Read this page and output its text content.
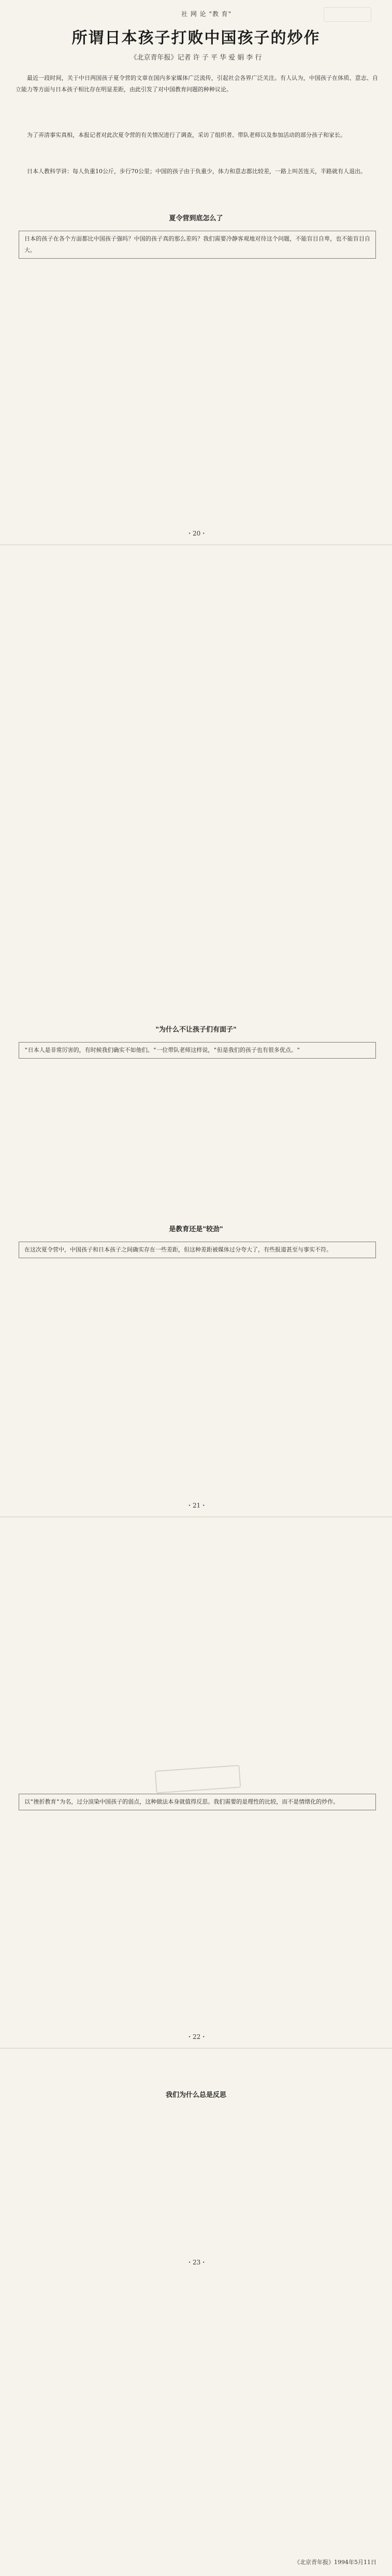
社 网 论 "教 育"
所谓日本孩子打败中国孩子的炒作
《北京青年报》记者 许 子 平 华 爱 娟 李 行
最近一段时间，关于中日两国孩子夏令营的文章在国内多家媒体广泛流传，引起社会各界广泛关注。有人认为，中国孩子在体质、意志、自立能力等方面与日本孩子相比存在明显差距，由此引发了对中国教育问题的种种议论。
为了弄清事实真相，本报记者对此次夏令营的有关情况进行了调查，采访了组织者、带队老师以及参加活动的部分孩子和家长。
日本人教科学讲：每人负重10公斤，步行70公里；中国的孩子由于负重少，体力和意志都比较差，一路上叫苦连天，半路就有人退出。
夏令营到底怎么了
日本的孩子在各个方面都比中国孩子强吗？中国的孩子真的那么差吗？我们需要冷静客观地对待这个问题，不能盲目自卑，也不能盲目自大。
・20・
"为什么不让孩子们有面子"
"日本人是非常厉害的，有时候我们确实不如他们。"一位带队老师这样说，"但是我们的孩子也有很多优点。"
是教育还是"较劲"
在这次夏令营中，中国孩子和日本孩子之间确实存在一些差距，但这种差距被媒体过分夸大了，有些报道甚至与事实不符。
・21・
以"挫折教育"为名，过分渲染中国孩子的弱点，这种做法本身就值得反思。我们需要的是理性的比较，而不是情绪化的炒作。
・22・
我们为什么总是反思
・23・
《北京青年报》1994年5月11日
